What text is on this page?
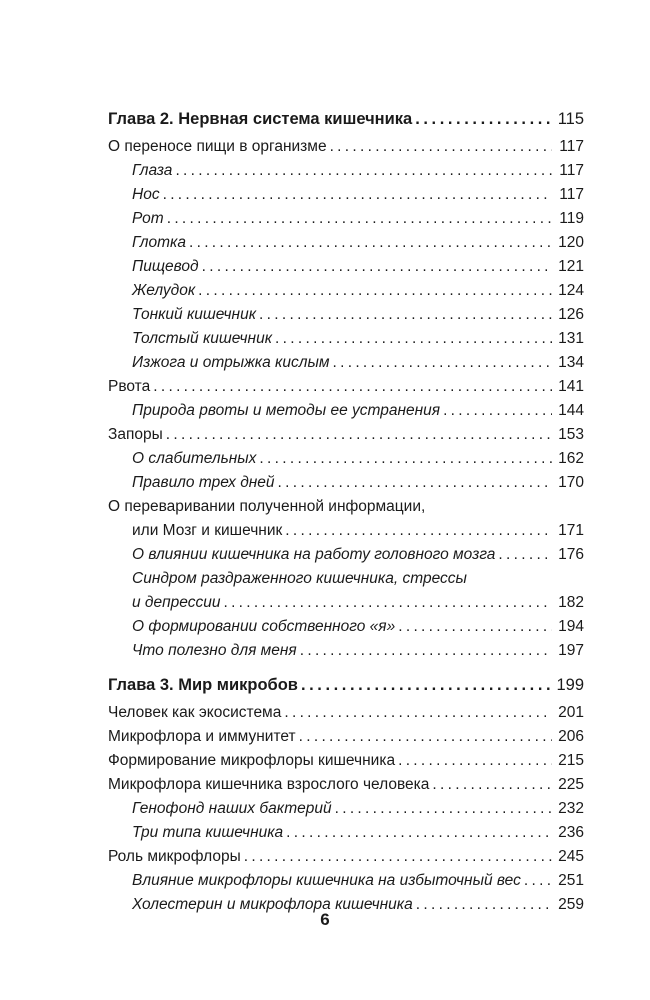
Глава 2. Нервная система кишечника . . .	115
О переносе пищи в организме . . .	117
Глаза . . .	117
Нос . . .	117
Рот . . .	119
Глотка . . .	120
Пищевод . . .	121
Желудок . . .	124
Тонкий кишечник . . .	126
Толстый кишечник . . .	131
Изжога и отрыжка кислым . . .	134
Рвота . . .	141
Природа рвоты и методы ее устранения . . .	144
Запоры . . .	153
О слабительных . . .	162
Правило трех дней . . .	170
О переваривании полученной информации,
или Мозг и кишечник . . .	171
О влиянии кишечника на работу головного мозга . . .	176
Синдром раздраженного кишечника, стрессы
и депрессии . . .	182
О формировании собственного «я» . . .	194
Что полезно для меня . . .	197
Глава 3. Мир микробов . . .	199
Человек как экосистема . . .	201
Микрофлора и иммунитет . . .	206
Формирование микрофлоры кишечника . . .	215
Микрофлора кишечника взрослого человека . . .	225
Генофонд наших бактерий . . .	232
Три типа кишечника . . .	236
Роль микрофлоры . . .	245
Влияние микрофлоры кишечника на избыточный вес . . . 251
Холестерин и микрофлора кишечника . . .	259
6
